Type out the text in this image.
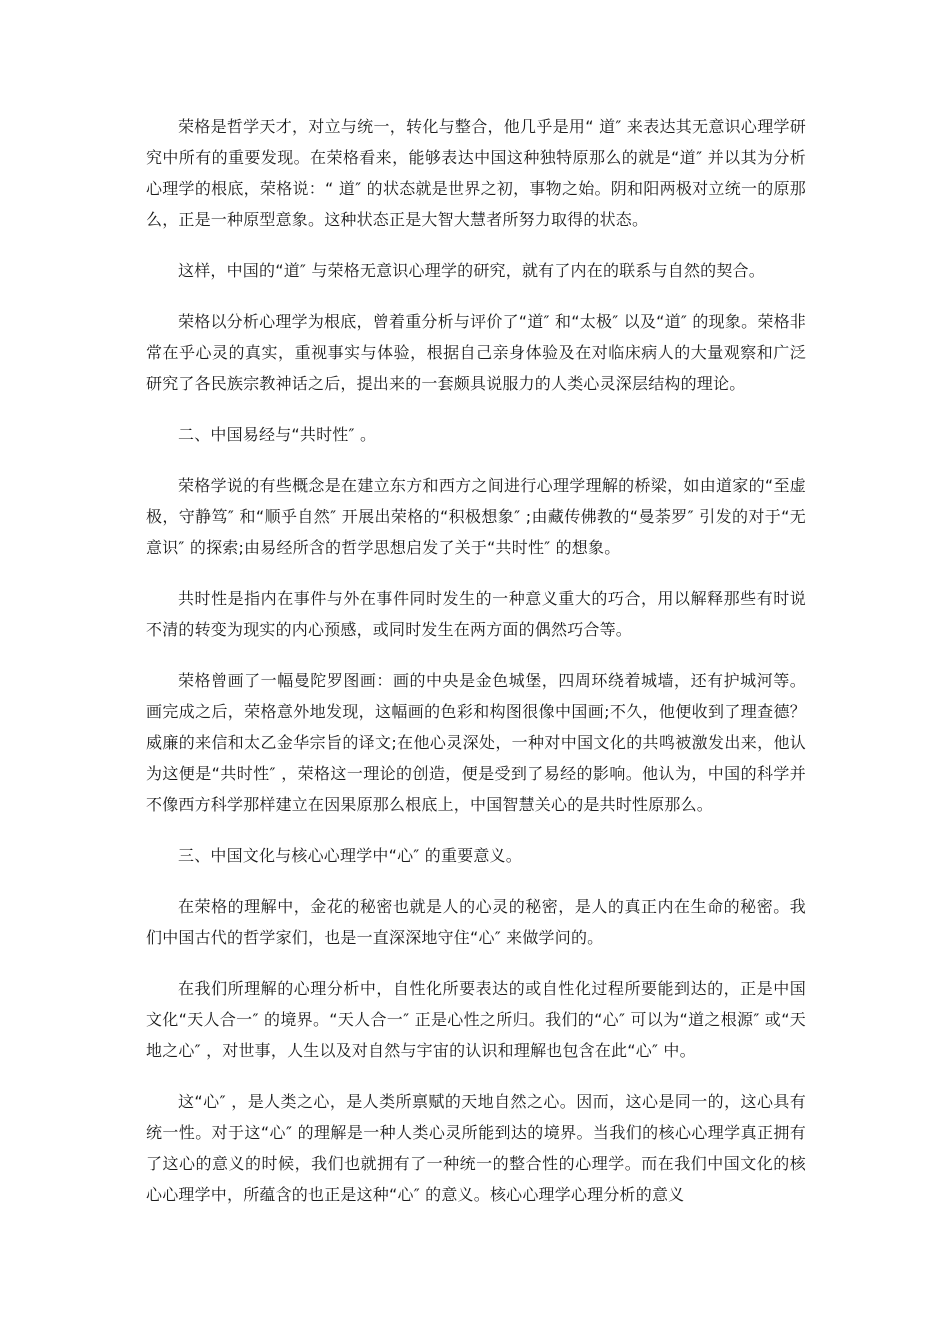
荣格是哲学天才，对立与统一，转化与整合，他几乎是用“ 道″ 来表达其无意识心理学研究中所有的重要发现。在荣格看来，能够表达中国这种独特原那么的就是“道″ 并以其为分析心理学的根底，荣格说：“ 道″ 的状态就是世界之初，事物之始。阴和阳两极对立统一的原那么，正是一种原型意象。这种状态正是大智大慧者所努力取得的状态。

这样，中国的“道″ 与荣格无意识心理学的研究，就有了内在的联系与自然的契合。

荣格以分析心理学为根底，曾着重分析与评价了“道″ 和“太极″ 以及“道″ 的现象。荣格非常在乎心灵的真实，重视事实与体验，根据自己亲身体验及在对临床病人的大量观察和广泛研究了各民族宗教神话之后，提出来的一套颇具说服力的人类心灵深层结构的理论。

二、中国易经与“共时性″ 。

荣格学说的有些概念是在建立东方和西方之间进行心理学理解的桥梁，如由道家的“至虚极，守静笃″ 和“顺乎自然″ 开展出荣格的“积极想象″ ;由藏传佛教的“曼荼罗″ 引发的对于“无意识″ 的探索;由易经所含的哲学思想启发了关于“共时性″ 的想象。

共时性是指内在事件与外在事件同时发生的一种意义重大的巧合，用以解释那些有时说不清的转变为现实的内心预感，或同时发生在两方面的偶然巧合等。

荣格曾画了一幅曼陀罗图画：画的中央是金色城堡，四周环绕着城墙，还有护城河等。画完成之后，荣格意外地发现，这幅画的色彩和构图很像中国画;不久，他便收到了理查德？威廉的来信和太乙金华宗旨的译文;在他心灵深处，一种对中国文化的共鸣被激发出来，他认为这便是“共时性″ ，荣格这一理论的创造，便是受到了易经的影响。他认为，中国的科学并不像西方科学那样建立在因果原那么根底上，中国智慧关心的是共时性原那么。

三、中国文化与核心心理学中“心″ 的重要意义。

在荣格的理解中，金花的秘密也就是人的心灵的秘密，是人的真正内在生命的秘密。我们中国古代的哲学家们，也是一直深深地守住“心″ 来做学问的。

在我们所理解的心理分析中，自性化所要表达的或自性化过程所要能到达的，正是中国文化“天人合一″ 的境界。“天人合一″ 正是心性之所归。我们的“心″ 可以为“道之根源″ 或“天地之心″ ，对世事，人生以及对自然与宇宙的认识和理解也包含在此“心″ 中。

这“心″ ，是人类之心，是人类所禀赋的天地自然之心。因而，这心是同一的，这心具有统一性。对于这“心″ 的理解是一种人类心灵所能到达的境界。当我们的核心心理学真正拥有了这心的意义的时候，我们也就拥有了一种统一的整合性的心理学。而在我们中国文化的核心心理学中，所蕴含的也正是这种“心″ 的意义。核心心理学心理分析的意义
